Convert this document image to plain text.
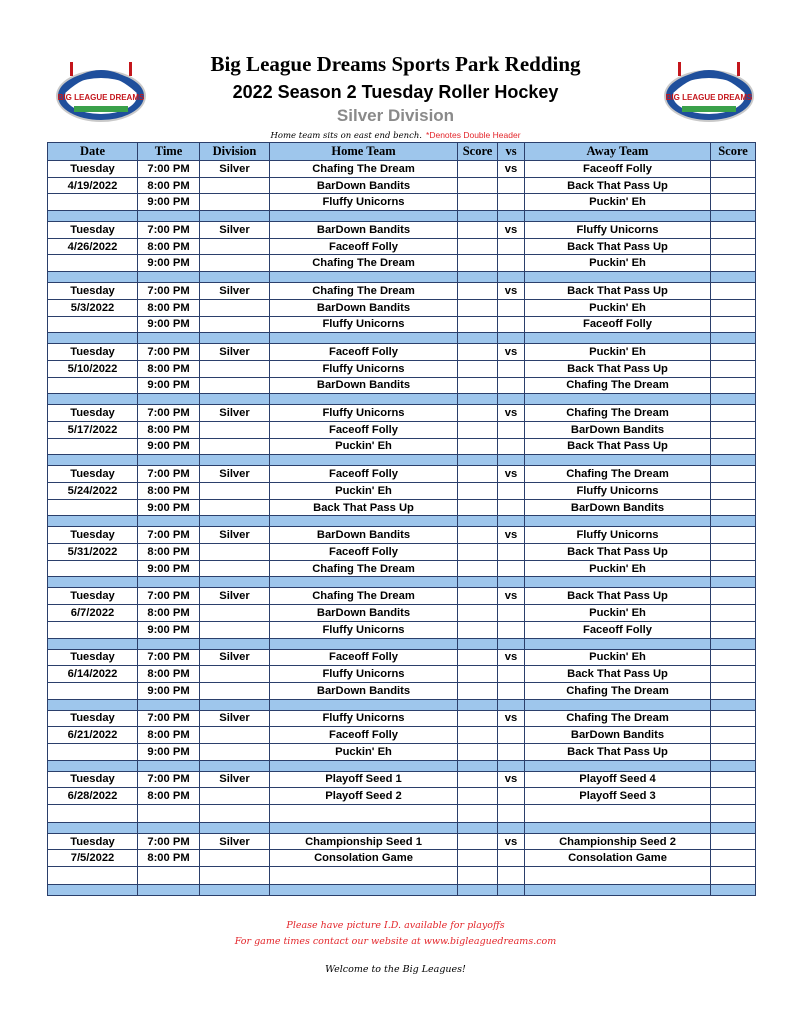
BIG LEAGUE DREAMS	BIG LEAGUE DREAMS
Big League Dreams Sports Park Redding
2022 Season 2 Tuesday Roller Hockey
Silver Division
Home team sits on east end bench. *Denotes Double Header
Date	Time	Division	Home Team	Score	vs	Away Team	Score
Tuesday	7:00 PM	Silver	Chafing The Dream		vs	Faceoff Folly	
4/19/2022	8:00 PM		BarDown Bandits			Back That Pass Up	
	9:00 PM		Fluffy Unicorns			Puckin' Eh	

Tuesday	7:00 PM	Silver	BarDown Bandits		vs	Fluffy Unicorns	
4/26/2022	8:00 PM		Faceoff Folly			Back That Pass Up	
	9:00 PM		Chafing The Dream			Puckin' Eh	

Tuesday	7:00 PM	Silver	Chafing The Dream		vs	Back That Pass Up	
5/3/2022	8:00 PM		BarDown Bandits			Puckin' Eh	
	9:00 PM		Fluffy Unicorns			Faceoff Folly	

Tuesday	7:00 PM	Silver	Faceoff Folly		vs	Puckin' Eh	
5/10/2022	8:00 PM		Fluffy Unicorns			Back That Pass Up	
	9:00 PM		BarDown Bandits			Chafing The Dream	

Tuesday	7:00 PM	Silver	Fluffy Unicorns		vs	Chafing The Dream	
5/17/2022	8:00 PM		Faceoff Folly			BarDown Bandits	
	9:00 PM		Puckin' Eh			Back That Pass Up	

Tuesday	7:00 PM	Silver	Faceoff Folly		vs	Chafing The Dream	
5/24/2022	8:00 PM		Puckin' Eh			Fluffy Unicorns	
	9:00 PM		Back That Pass Up			BarDown Bandits	

Tuesday	7:00 PM	Silver	BarDown Bandits		vs	Fluffy Unicorns	
5/31/2022	8:00 PM		Faceoff Folly			Back That Pass Up	
	9:00 PM		Chafing The Dream			Puckin' Eh	

Tuesday	7:00 PM	Silver	Chafing The Dream		vs	Back That Pass Up	
6/7/2022	8:00 PM		BarDown Bandits			Puckin' Eh	
	9:00 PM		Fluffy Unicorns			Faceoff Folly	

Tuesday	7:00 PM	Silver	Faceoff Folly		vs	Puckin' Eh	
6/14/2022	8:00 PM		Fluffy Unicorns			Back That Pass Up	
	9:00 PM		BarDown Bandits			Chafing The Dream	

Tuesday	7:00 PM	Silver	Fluffy Unicorns		vs	Chafing The Dream	
6/21/2022	8:00 PM		Faceoff Folly			BarDown Bandits	
	9:00 PM		Puckin' Eh			Back That Pass Up	

Tuesday	7:00 PM	Silver	Playoff Seed 1		vs	Playoff Seed 4	
6/28/2022	8:00 PM		Playoff Seed 2			Playoff Seed 3	

Tuesday	7:00 PM	Silver	Championship Seed 1		vs	Championship Seed 2	
7/5/2022	8:00 PM		Consolation Game			Consolation Game	

Please have picture I.D. available for playoffs
For game times contact our website at www.bigleaguedreams.com
Welcome to the Big Leagues!
